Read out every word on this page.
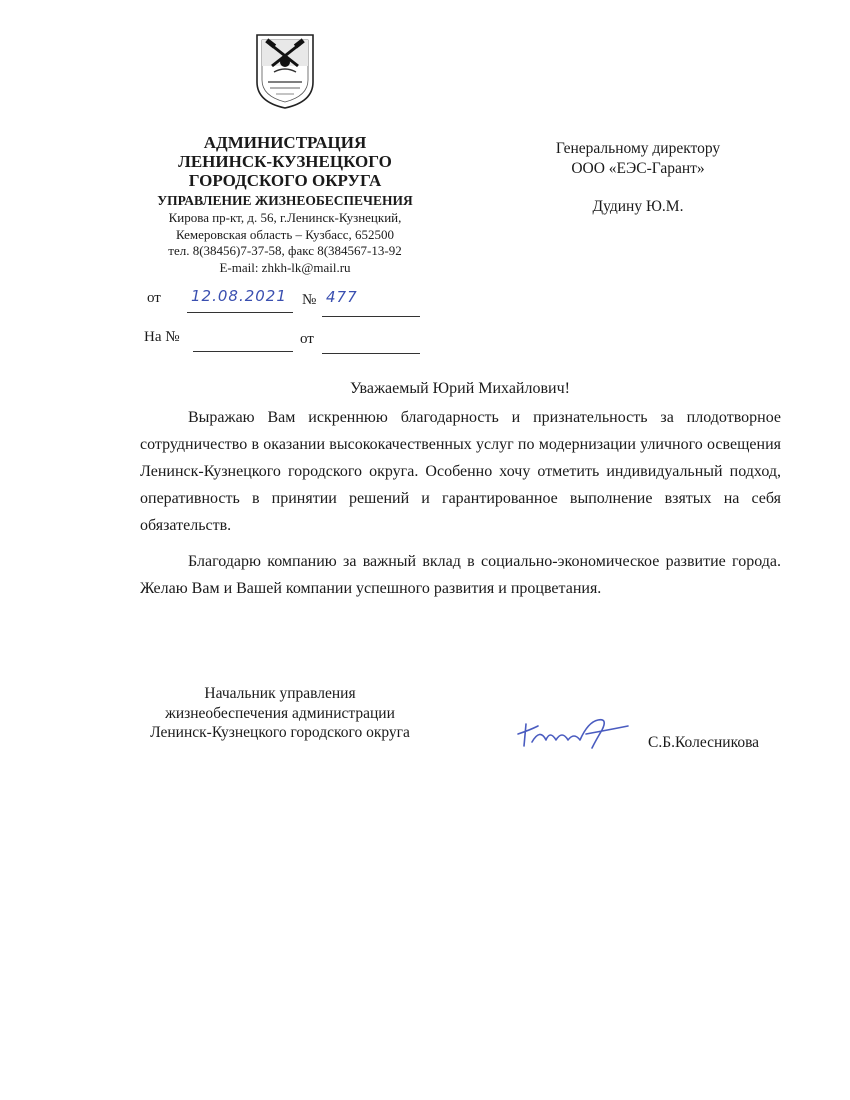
АДМИНИСТРАЦИЯ
ЛЕНИНСК-КУЗНЕЦКОГО
ГОРОДСКОГО ОКРУГА
УПРАВЛЕНИЕ ЖИЗНЕОБЕСПЕЧЕНИЯ
Кирова пр-кт, д. 56, г.Ленинск-Кузнецкий,
Кемеровская область – Кузбасс, 652500
тел. 8(38456)7-37-58, факс 8(384567-13-92
E-mail: zhkh-lk@mail.ru
Генеральному директору
ООО «ЕЭС-Гарант»
Дудину Ю.М.
от 12.08.2021 № 477
На №	от
Уважаемый Юрий Михайлович!

Выражаю Вам искреннюю благодарность и признательность за плодотворное сотрудничество в оказании высококачественных услуг по модернизации уличного освещения Ленинск-Кузнецкого городского округа. Особенно хочу отметить индивидуальный подход, оперативность в принятии решений и гарантированное выполнение взятых на себя обязательств.

Благодарю компанию за важный вклад в социально-экономическое развитие города. Желаю Вам и Вашей компании успешного развития и процветания.

Начальник управления
жизнеобеспечения администрации
Ленинск-Кузнецкого городского округа
С.Б.Колесникова
